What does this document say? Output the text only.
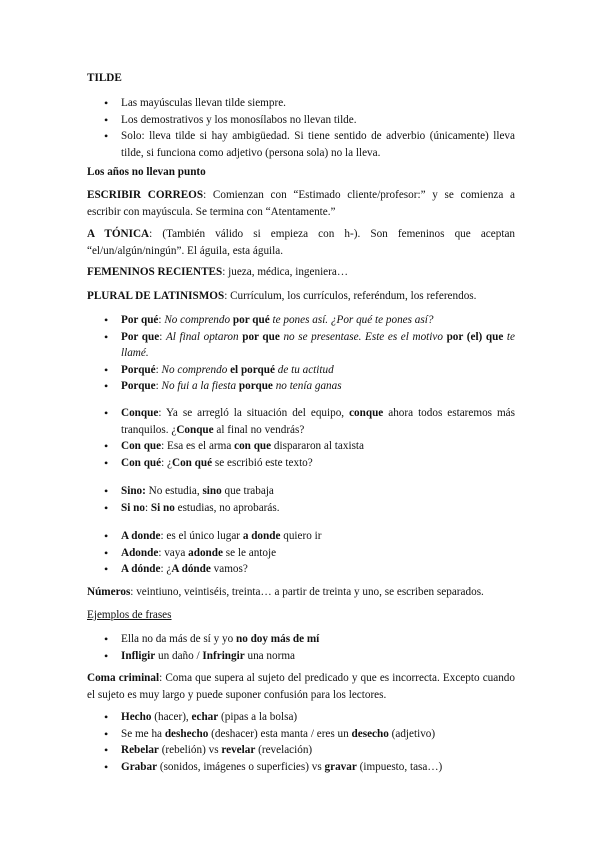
TILDE

• Las mayúsculas llevan tilde siempre.
• Los demostrativos y los monosílabos no llevan tilde.
• Solo: lleva tilde si hay ambigüedad. Si tiene sentido de adverbio (únicamente) lleva tilde, si funciona como adjetivo (persona sola) no la lleva.

Los años no llevan punto

ESCRIBIR CORREOS: Comienzan con “Estimado cliente/profesor:” y se comienza a escribir con mayúscula. Se termina con “Atentamente.”

A TÓNICA: (También válido si empieza con h-). Son femeninos que aceptan “el/un/algún/ningún”. El águila, esta águila.

FEMENINOS RECIENTES: jueza, médica, ingeniera…

PLURAL DE LATINISMOS: Currículum, los currículos, referéndum, los referendos.

• Por qué: No comprendo por qué te pones así. ¿Por qué te pones así?
• Por que: Al final optaron por que no se presentase. Este es el motivo por (el) que te llamé.
• Porqué: No comprendo el porqué de tu actitud
• Porque: No fui a la fiesta porque no tenía ganas
• Conque: Ya se arregló la situación del equipo, conque ahora todos estaremos más tranquilos. ¿Conque al final no vendrás?
• Con que: Esa es el arma con que dispararon al taxista
• Con qué: ¿Con qué se escribió este texto?
• Sino: No estudia, sino que trabaja
• Si no: Si no estudias, no aprobarás.
• A donde: es el único lugar a donde quiero ir
• Adonde: vaya adonde se le antoje
• A dónde: ¿A dónde vamos?

Números: veintiuno, veintiséis, treinta… a partir de treinta y uno, se escriben separados.

Ejemplos de frases

• Ella no da más de sí y yo no doy más de mí
• Infligir un daño / Infringir una norma

Coma criminal: Coma que supera al sujeto del predicado y que es incorrecta. Excepto cuando el sujeto es muy largo y puede suponer confusión para los lectores.

• Hecho (hacer), echar (pipas a la bolsa)
• Se me ha deshecho (deshacer) esta manta / eres un desecho (adjetivo)
• Rebelar (rebelión) vs revelar (revelación)
• Grabar (sonidos, imágenes o superficies) vs gravar (impuesto, tasa…)
